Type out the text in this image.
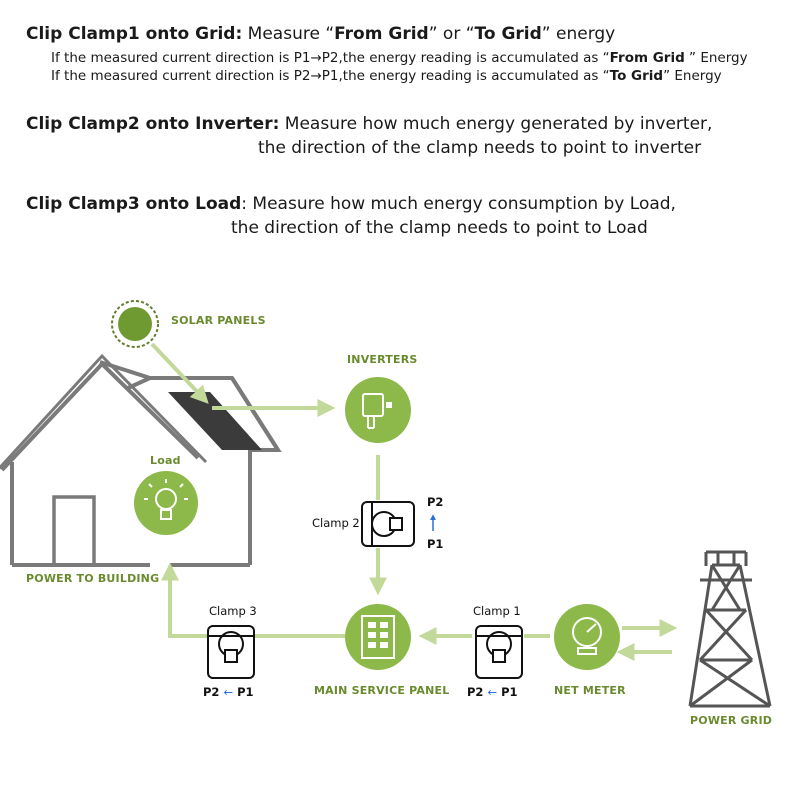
Clip Clamp1 onto Grid: Measure “From Grid” or “To Grid” energy
If the measured current direction is P1→P2,the energy reading is accumulated as “From Grid ” Energy
If the measured current direction is P2→P1,the energy reading is accumulated as “To Grid” Energy
Clip Clamp2 onto Inverter: Measure how much energy generated by inverter,
the direction of the clamp needs to point to inverter
Clip Clamp3 onto Load: Measure how much energy consumption by Load,
the direction of the clamp needs to point to Load
SOLAR PANELS
INVERTERS
Load
POWER TO BUILDING
Clamp 2
P2
P1
Clamp 3
P2 ← P1
Clamp 1
P2 ← P1
MAIN SERVICE PANEL	NET METER
POWER GRID
